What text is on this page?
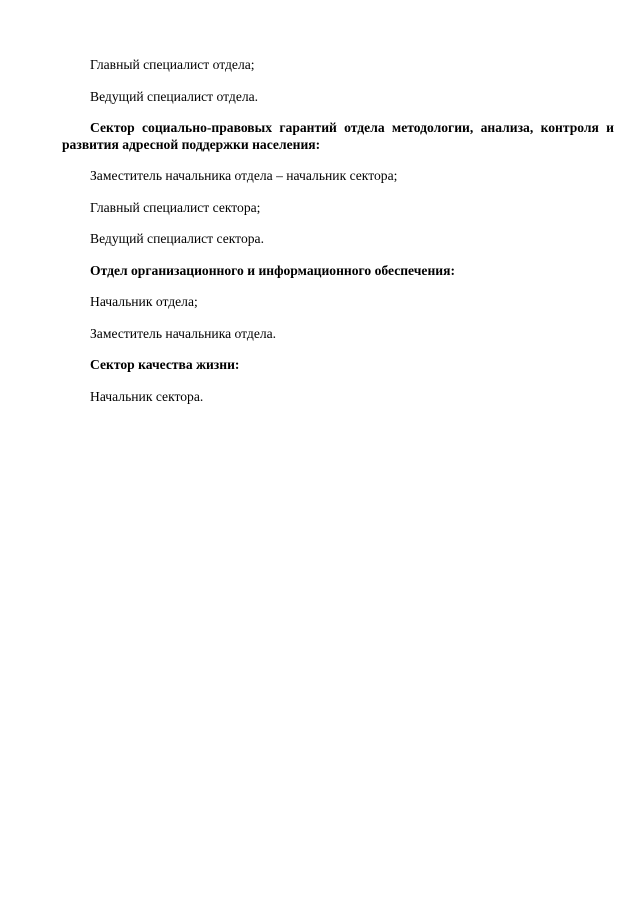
Главный специалист отдела;

Ведущий специалист отдела.

Сектор социально-правовых гарантий отдела методологии, анализа, контроля и развития адресной поддержки населения:

Заместитель начальника отдела – начальник сектора;

Главный специалист сектора;

Ведущий специалист сектора.

Отдел организационного и информационного обеспечения:

Начальник отдела;

Заместитель начальника отдела.

Сектор качества жизни:

Начальник сектора.
